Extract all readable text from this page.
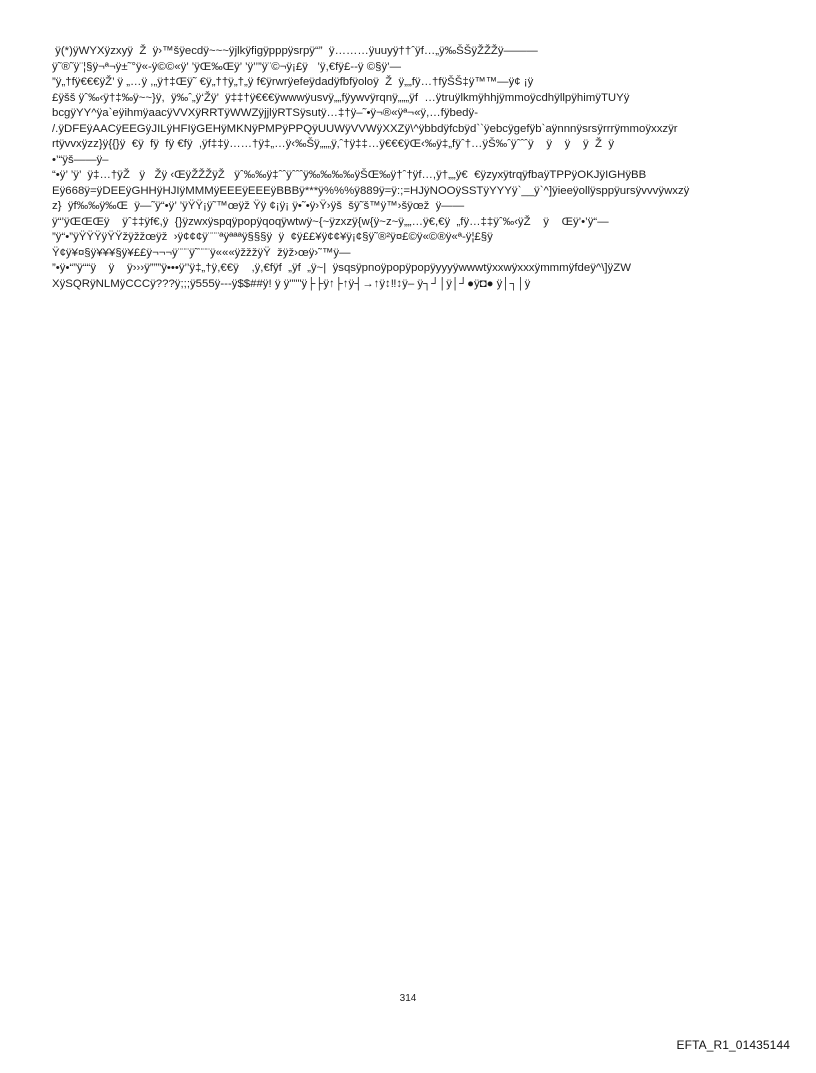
ÿ(*)ÿWYXÿzxyÿ  Ž  ÿ›™šÿecdÿ~~~ÿjlkÿfigÿpppÿsrpÿ“”  ÿ………ÿuuyÿ††ˆÿf…„ÿ‰ŠŠÿŽŽŽÿ———
ÿ˜®˜ÿ¨¦§ÿ¬ª¬ÿ±˜°ÿ«-ÿ©©«ÿ’ ’ÿŒ‰Œÿ’ ’ÿ’’”ÿ¨©¬ÿ¡£ÿ   ’ÿ,€fÿ£--ÿ ©§ÿ’—
”ÿ„†fÿ€€€ÿŽ’ ÿ „…ÿ ,„ÿ†‡Œÿ˜ €ÿ„††ÿ„†„ÿ f€ÿrwrÿefeÿdadÿfbfÿoloÿ  Ž  ÿ„„fÿ…†fÿŠŠ‡ÿ™™—ÿ¢ ¡ÿ
£ÿšš ÿˆ‰‹ÿ†‡‰ÿ~~}ÿ,  ÿ‰ˆ„ÿ‘Žÿ’  ÿ‡‡†ÿ€€€ÿwwwÿusvÿ„„fÿywvÿrqnÿ„„„ÿf  …ÿtruÿlkmÿhhjÿmmoÿcdhÿllpÿhimÿTUYÿ
bcgÿYY^ÿa`eÿihmÿaacÿVVXÿRRTÿWWZÿjjlÿRTSÿsutÿ…‡†ÿ–˜•ÿ¬®«ÿª¬«ÿ,…fÿbedÿ-
/.ÿDFEÿAACÿEEGÿJILÿHFIÿGEHÿMKNÿPMPÿPPQÿUUWÿVVWÿXXZÿ\^ÿbbdÿfcbÿd``ÿebcÿgefÿb`aÿnnnÿsrsÿrrrÿmmoÿxxzÿr
rtÿvvxÿzz}ÿ{{}ÿ  €ÿ  fÿ  fÿ €fÿ  ,ÿf‡‡ÿ……†ÿ‡„…ÿ‹‰Šÿ„„„ÿ‚ˆ†ÿ‡‡…ÿ€€€ÿŒ‹‰ÿ‡„fÿˆ†…ÿŠ‰ˆÿˆˆˆÿ    ÿ    ÿ    ÿ  Ž  ÿ
•’“ÿš——ÿ–
“•ÿ’ ’ÿ’  ÿ‡…†ÿŽ   ÿ   Žÿ ‹ŒÿŽŽŽÿŽ   ÿˆ‰‰ÿ‡ˆˆÿˆˆˆÿ‰‰‰‰ÿŠŒ‰ÿ†ˆ†ÿf…,ÿ†„„ÿ€  €ÿzyxÿtrqÿfbaÿTPPÿOKJÿIGHÿBB
Eÿ668ÿ=ÿDEEÿGHHÿHJIÿMMMÿEEEÿEEEÿBBBÿ***ÿ%%%ÿ889ÿ=ÿ:;=HJÿNOOÿSSTÿYYYÿ`__ÿ`^]ÿieeÿollÿsppÿursÿvvvÿwxzÿ
z}  ÿf‰‰ÿ‰Œ  ÿ—˜ÿ“•ÿ’ ’ÿŸŸ¡ÿ˜™œÿž Ÿÿ ¢¡ÿ¡ ÿ•˜•ÿ›Ÿ›ÿš  šÿ˜š™ÿ™›šÿœž  ÿ——
ÿ“’ÿŒŒŒÿ    ÿˆ‡‡ÿf€,ÿ  {}ÿzwxÿspqÿpopÿqoqÿwtwÿ~{~ÿzxzÿ{w{ÿ~z~ÿ„„…ÿ€,€ÿ  „fÿ…‡‡ÿˆ‰‹ÿŽ    ÿ    Œÿ’•’ÿ“—
”ÿ“•”ÿŸŸŸÿŸŸžÿžžœÿž  ›ÿ¢¢¢ÿ¨¨¨ªÿªªªÿ§§§ÿ  ÿ  ¢ÿ££¥ÿ¢¢¥ÿ¡¢§ÿ˜®²ÿ¤£©ÿ«©®ÿ«ª-ÿ¦£§ÿ
Ÿ¢ÿ¥¤§ÿ¥¥¥§ÿ¥££ÿ¬¬¬ÿ¨¨¨ÿ˜¨¨¨ÿ«««ÿžžžÿŸ  žÿž›œÿ›˜™ÿ—
”•ÿ•“”ÿ““ÿ    ÿ    ÿ›››ÿ”””ÿ•••ÿ’’ÿ‡„†ÿ,€€ÿ    ,ÿ,€fÿf  „ÿf  „ÿ~|  ÿsqsÿpnoÿpopÿpopÿyyyÿwwwtÿxxwÿxxxÿmmmÿfdeÿ^\]ÿZW
XÿSQRÿNLMÿCCCÿ???ÿ;;;ÿ555ÿ---ÿ$$##ÿ! ÿ ÿ"""ÿ├├ÿ↑├↑ÿ┤→↑ÿ↕‼↕ÿ– ÿ┐┘│ÿ│┘●ÿ◘● ÿ│┐│ÿ
314
EFTA_R1_01435144
